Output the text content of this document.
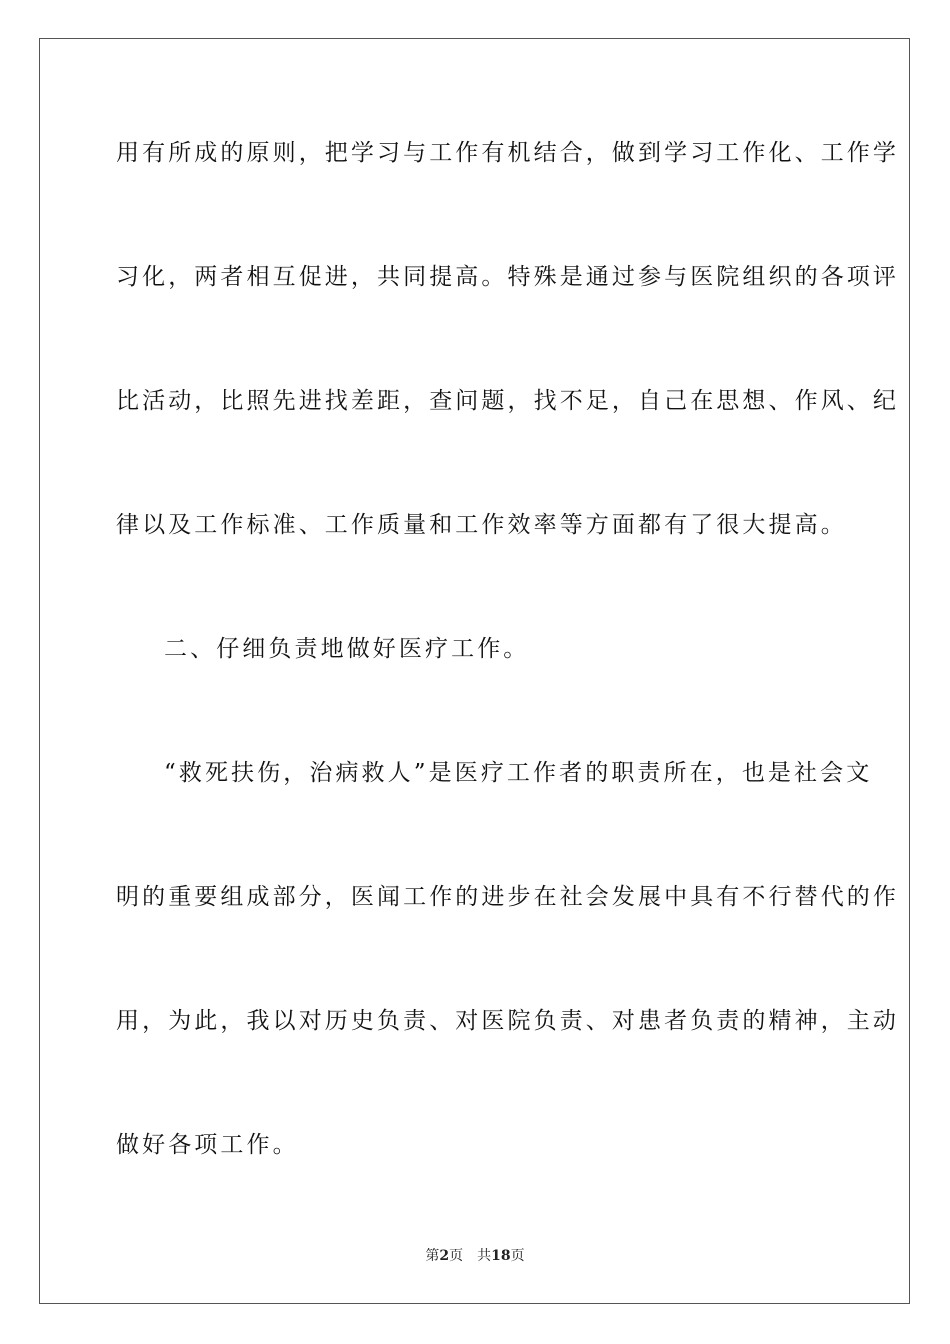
用有所成的原则，把学习与工作有机结合，做到学习工作化、工作学
习化，两者相互促进，共同提高。特殊是通过参与医院组织的各项评
比活动，比照先进找差距，查问题，找不足，自己在思想、作风、纪
律以及工作标准、工作质量和工作效率等方面都有了很大提高。
二、仔细负责地做好医疗工作。
“救死扶伤，治病救人”是医疗工作者的职责所在，也是社会文
明的重要组成部分，医闻工作的进步在社会发展中具有不行替代的作
用，为此，我以对历史负责、对医院负责、对患者负责的精神，主动
做好各项工作。
第2页 共18页
